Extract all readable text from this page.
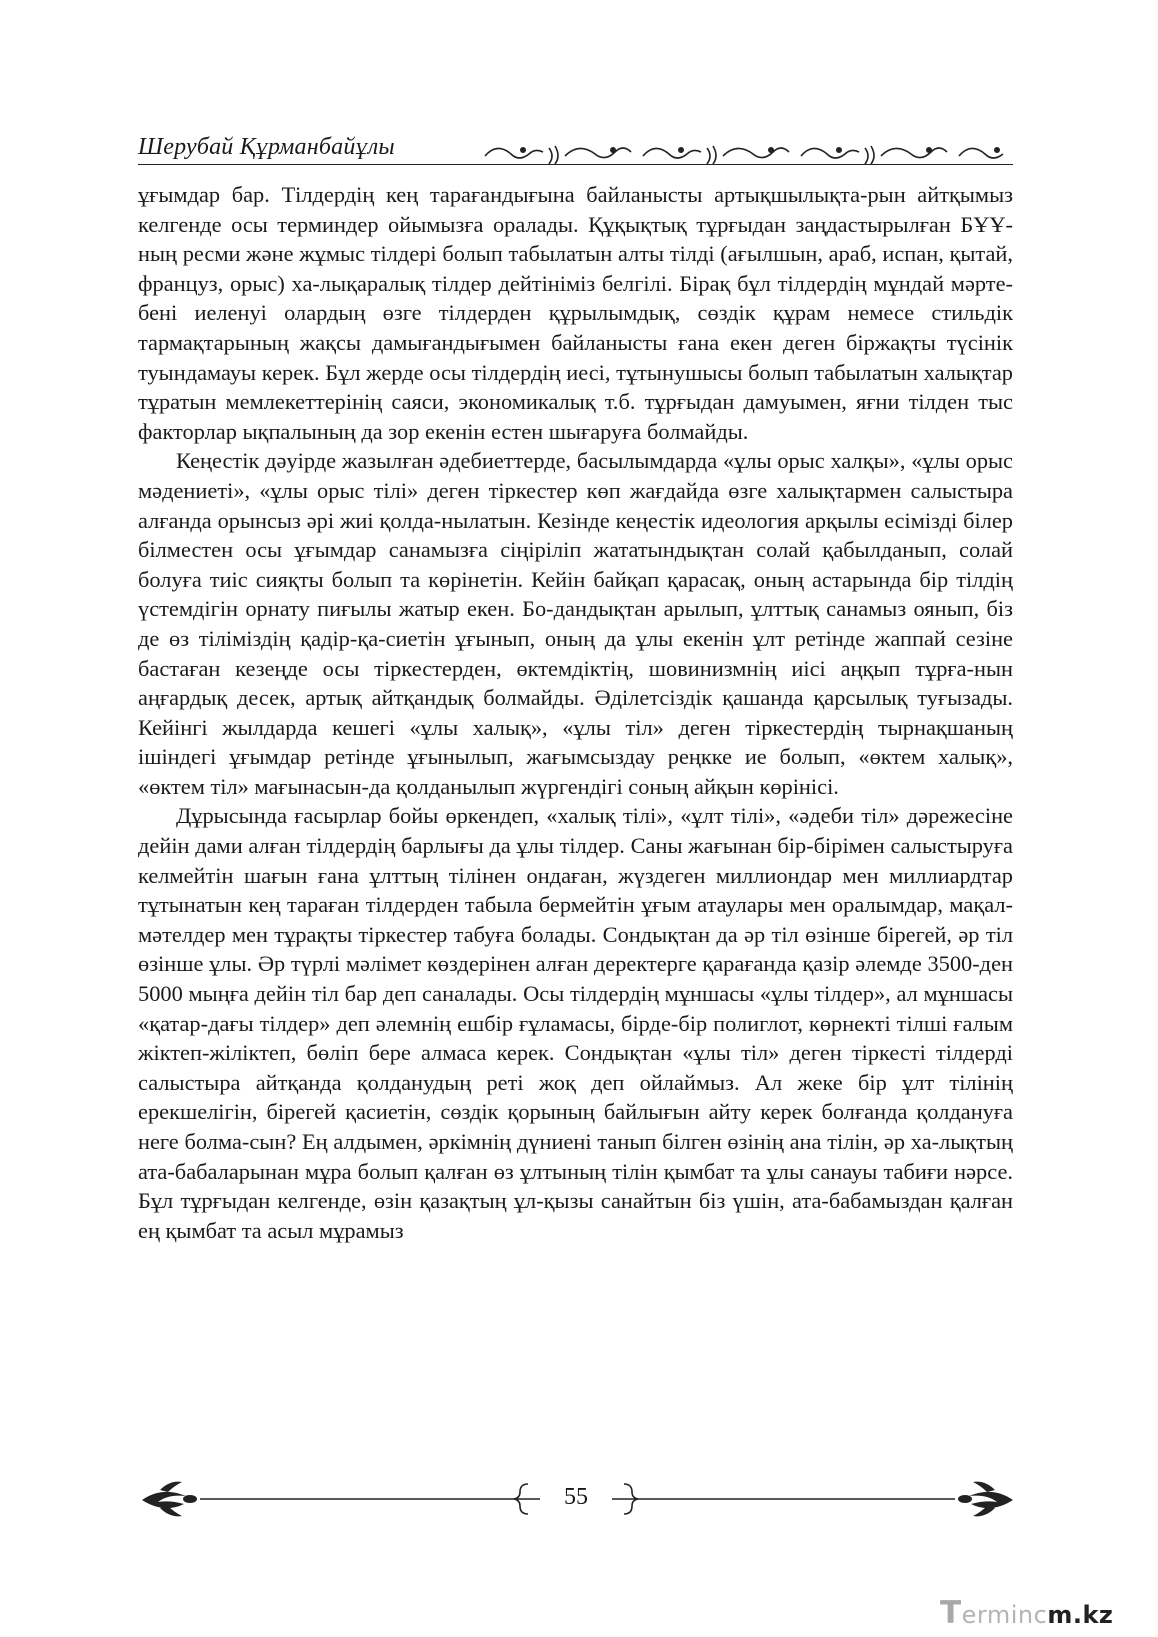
Шерубай Құрманбайұлы

ұғымдар бар. Тілдердің кең тарағандығына байланысты артықшылықта-рын айтқымыз келгенде осы терминдер ойымызға оралады. Құқықтық тұрғыдан заңдастырылған БҰҰ-ның ресми және жұмыс тілдері болып табылатын алты тілді (ағылшын, араб, испан, қытай, француз, орыс) ха-лықаралық тілдер дейтініміз белгілі. Бірақ бұл тілдердің мұндай мәрте-бені иеленуі олардың өзге тілдерден құрылымдық, сөздік құрам немесе стильдік тармақтарының жақсы дамығандығымен байланысты ғана екен деген біржақты түсінік туындамауы керек. Бұл жерде осы тілдердің иесі, тұтынушысы болып табылатын халықтар тұратын мемлекеттерінің саяси, экономикалық т.б. тұрғыдан дамуымен, яғни тілден тыс факторлар ықпалының да зор екенін естен шығаруға болмайды.

Кеңестік дәуірде жазылған әдебиеттерде, басылымдарда «ұлы орыс халқы», «ұлы орыс мәдениеті», «ұлы орыс тілі» деген тіркестер көп жағдайда өзге халықтармен салыстыра алғанда орынсыз әрі жиі қолда-нылатын. Кезінде кеңестік идеология арқылы есімізді білер білместен осы ұғымдар санамызға сіңіріліп жататындықтан солай қабылданып, солай болуға тиіс сияқты болып та көрінетін. Кейін байқап қарасақ, оның астарында бір тілдің үстемдігін орнату пиғылы жатыр екен. Бо-дандықтан арылып, ұлттық санамыз оянып, біз де өз тіліміздің қадір-қа-сиетін ұғынып, оның да ұлы екенін ұлт ретінде жаппай сезіне бастаған кезеңде осы тіркестерден, өктемдіктің, шовинизмнің иісі аңқып тұрға-нын аңғардық десек, артық айтқандық болмайды. Әділетсіздік қашанда қарсылық туғызады. Кейінгі жылдарда кешегі «ұлы халық», «ұлы тіл» деген тіркестердің тырнақшаның ішіндегі ұғымдар ретінде ұғынылып, жағымсыздау реңкке ие болып, «өктем халық», «өктем тіл» мағынасын-да қолданылып жүргендігі соның айқын көрінісі.

Дұрысында ғасырлар бойы өркендеп, «халық тілі», «ұлт тілі», «әдеби тіл» дәрежесіне дейін дами алған тілдердің барлығы да ұлы тілдер. Саны жағынан бір-бірімен салыстыруға келмейтін шағын ғана ұлттың тілінен ондаған, жүздеген миллиондар мен миллиардтар тұтынатын кең тараған тілдерден табыла бермейтін ұғым атаулары мен оралымдар, мақал-мәтелдер мен тұрақты тіркестер табуға болады. Сондықтан да әр тіл өзінше бірегей, әр тіл өзінше ұлы. Әр түрлі мәлімет көздерінен алған деректерге қарағанда қазір әлемде 3500-ден 5000 мыңға дейін тіл бар деп саналады. Осы тілдердің мұншасы «ұлы тілдер», ал мұншасы «қатар-дағы тілдер» деп әлемнің ешбір ғұламасы, бірде-бір полиглот, көрнекті тілші ғалым жіктеп-жіліктеп, бөліп бере алмаса керек. Сондықтан «ұлы тіл» деген тіркесті тілдерді салыстыра айтқанда қолданудың реті жоқ деп ойлаймыз. Ал жеке бір ұлт тілінің ерекшелігін, бірегей қасиетін, сөздік қорының байлығын айту керек болғанда қолдануға неге болма-сын? Ең алдымен, әркімнің дүниені танып білген өзінің ана тілін, әр ха-лықтың ата-бабаларынан мұра болып қалған өз ұлтының тілін қымбат та ұлы санауы табиғи нәрсе. Бұл тұрғыдан келгенде, өзін қазақтың ұл-қызы санайтын біз үшін, ата-бабамыздан қалған ең қымбат та асыл мұрамыз

55
Termincm.kz
